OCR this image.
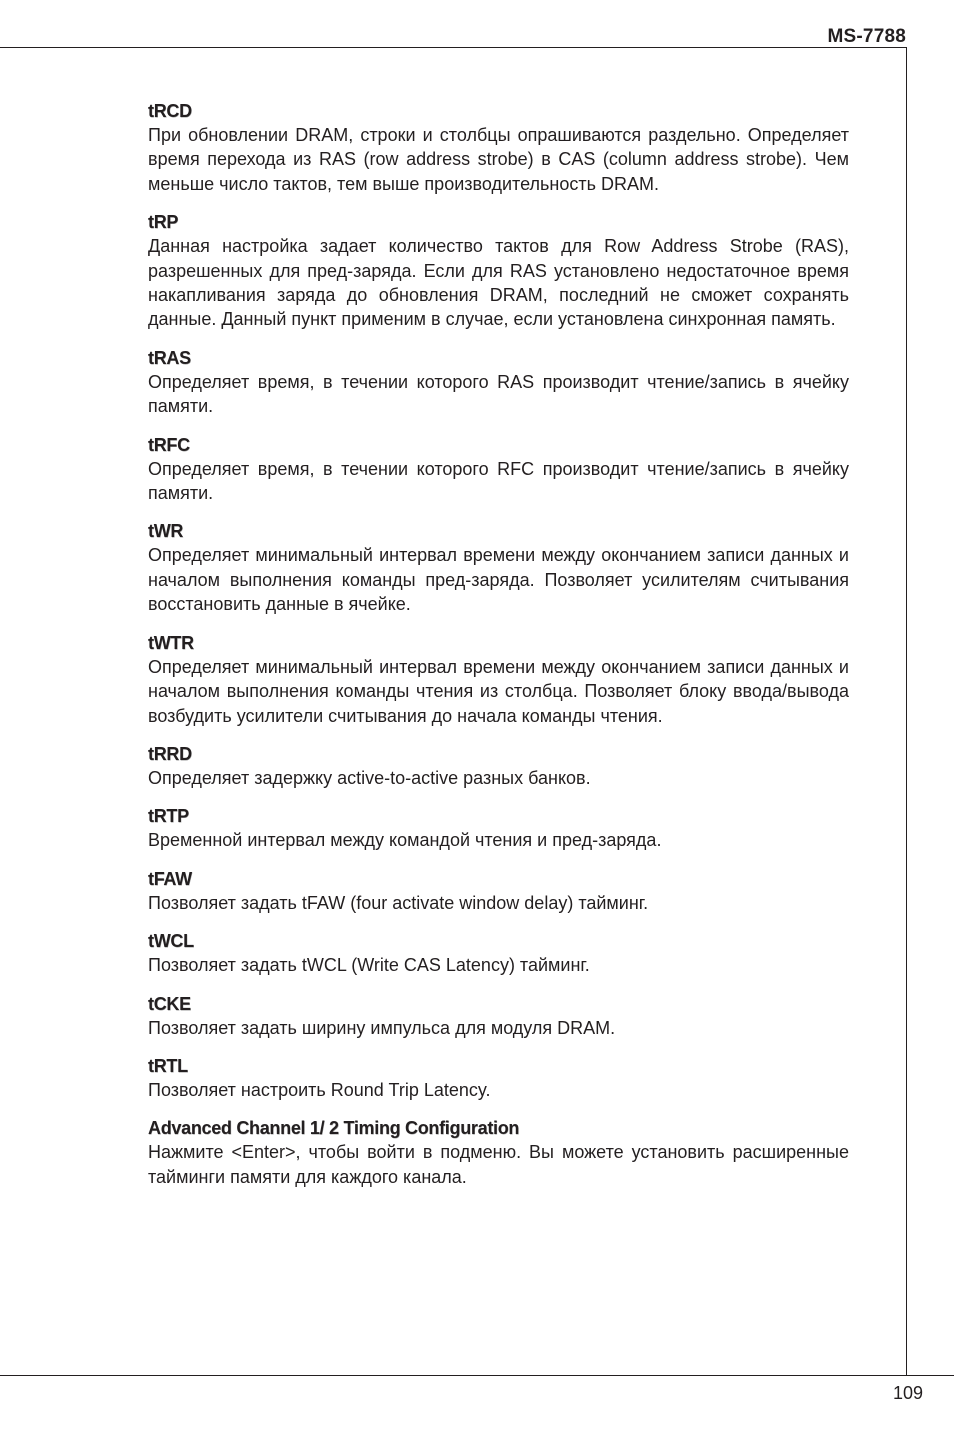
MS-7788
tRCD
При обновлении DRAM, строки и столбцы опрашиваются раздельно. Определяет время перехода из RAS (row address strobe) в CAS (column address strobe). Чем меньше число тактов, тем выше производительность DRAM.
tRP
Данная настройка задает количество тактов для Row Address Strobe (RAS), разрешенных для пред-заряда. Если для RAS установлено недостаточное время накапливания заряда до обновления DRAM, последний не сможет сохранять данные. Данный пункт применим в случае, если установлена синхронная память.
tRAS
Определяет время, в течении которого RAS производит чтение/запись в ячейку памяти.
tRFC
Определяет время, в течении которого RFC производит чтение/запись в ячейку памяти.
tWR
Определяет минимальный интервал времени между окончанием записи данных и началом выполнения команды пред-заряда. Позволяет усилителям считывания восстановить данные в ячейке.
tWTR
Определяет минимальный интервал времени между окончанием записи данных и началом выполнения команды чтения из столбца. Позволяет блоку ввода/вывода возбудить усилители считывания до начала команды чтения.
tRRD
Определяет задержку active-to-active разных банков.
tRTP
Временной интервал между командой чтения и пред-заряда.
tFAW
Позволяет задать tFAW (four activate window delay) тайминг.
tWCL
Позволяет задать tWCL (Write CAS Latency) тайминг.
tCKE
Позволяет задать ширину импульса для модуля DRAM.
tRTL
Позволяет настроить Round Trip Latency.
Advanced Channel 1/ 2 Timing Configuration
Нажмите <Enter>, чтобы войти в подменю. Вы можете установить расширенные тайминги памяти для каждого канала.
109
